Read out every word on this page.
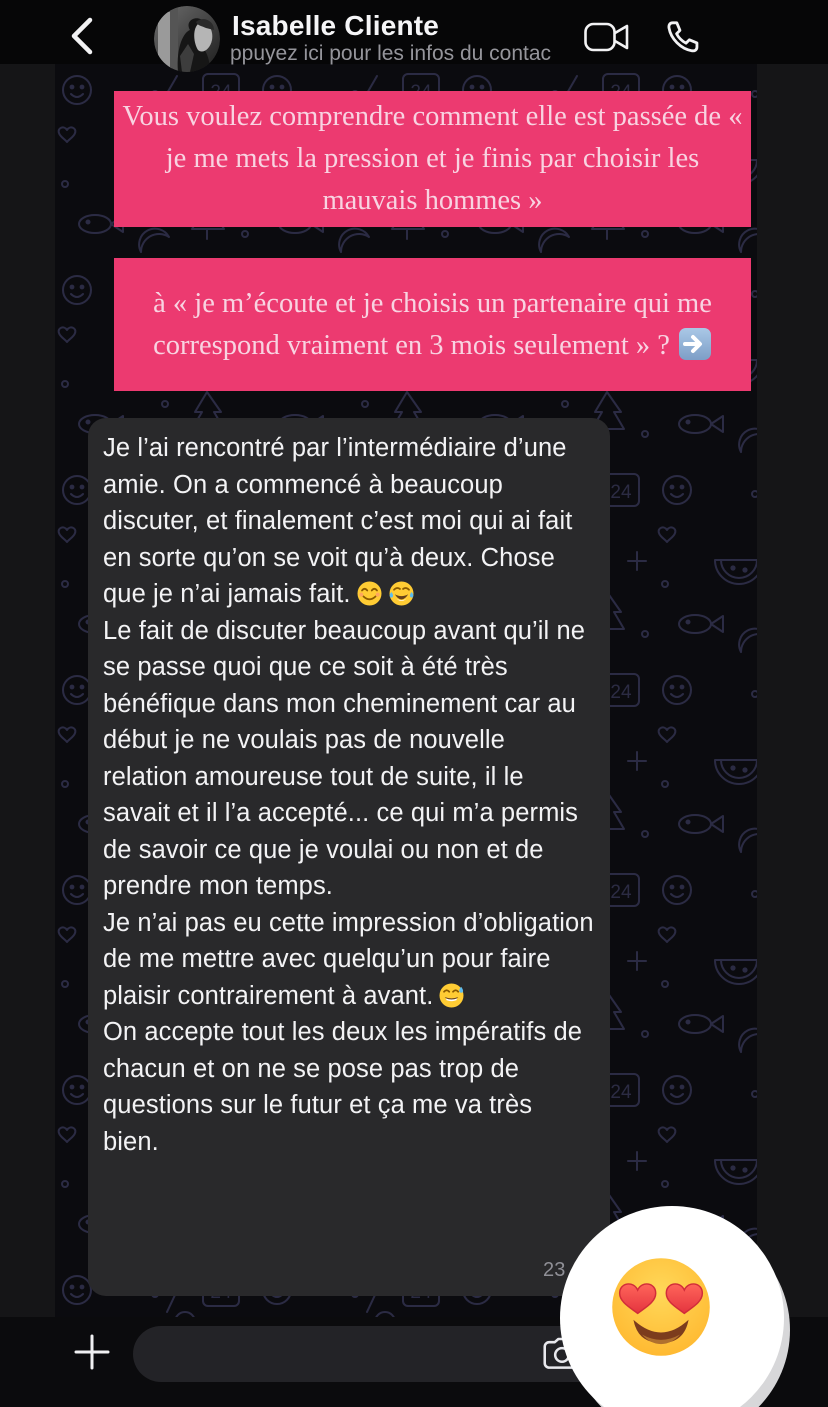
Isabelle Cliente
ppuyez ici pour les infos du contac
Vous voulez comprendre comment elle est passée de « je me mets la pression et je finis par choisir les mauvais hommes »
à « je m’écoute et je choisis un partenaire qui me correspond vraiment en 3 mois seulement » ?

Je l’ai rencontré par l’intermédiaire d’une amie. On a commencé à beaucoup discuter, et finalement c’est moi qui ai fait en sorte qu’on se voit qu’à deux. Chose que je n’ai jamais fait.

Le fait de discuter beaucoup avant qu’il ne se passe quoi que ce soit à été très bénéfique dans mon cheminement car au début je ne voulais pas de nouvelle relation amoureuse tout de suite, il le savait et il l’a accepté... ce qui m’a permis de savoir ce que je voulai ou non et de prendre mon temps.

Je n’ai pas eu cette impression d’obligation de me mettre avec quelqu’un pour faire plaisir contrairement à avant.

On accepte tout les deux les impératifs de chacun et on ne se pose pas trop de questions sur le futur et ça me va très bien.

23
